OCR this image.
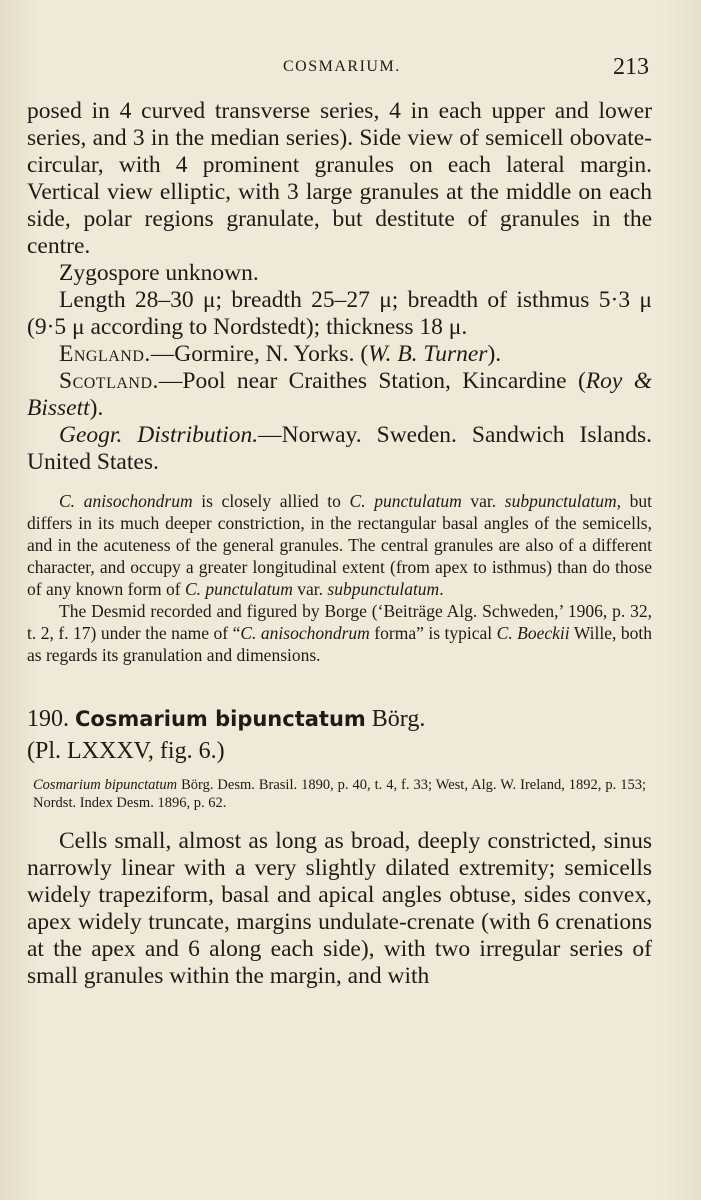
COSMARIUM.	213

posed in 4 curved transverse series, 4 in each upper and lower series, and 3 in the median series). Side view of semicell obovate-circular, with 4 prominent granules on each lateral margin. Vertical view elliptic, with 3 large granules at the middle on each side, polar regions granulate, but destitute of granules in the centre.

Zygospore unknown.

Length 28–30 μ; breadth 25–27 μ; breadth of isthmus 5·3 μ (9·5 μ according to Nordstedt); thickness 18 μ.

England.—Gormire, N. Yorks. (W. B. Turner).

Scotland.—Pool near Craithes Station, Kincardine (Roy & Bissett).

Geogr. Distribution.—Norway. Sweden. Sandwich Islands. United States.

C. anisochondrum is closely allied to C. punctulatum var. subpunctulatum, but differs in its much deeper constriction, in the rectangular basal angles of the semicells, and in the acuteness of the general granules. The central granules are also of a different character, and occupy a greater longitudinal extent (from apex to isthmus) than do those of any known form of C. punctulatum var. subpunctulatum.

The Desmid recorded and figured by Borge (‘Beiträge Alg. Schweden,’ 1906, p. 32, t. 2, f. 17) under the name of “C. anisochondrum forma” is typical C. Boeckii Wille, both as regards its granulation and dimensions.

190. Cosmarium bipunctatum Börg.

(Pl. LXXXV, fig. 6.)

Cosmarium bipunctatum Börg. Desm. Brasil. 1890, p. 40, t. 4, f. 33; West, Alg. W. Ireland, 1892, p. 153; Nordst. Index Desm. 1896, p. 62.

Cells small, almost as long as broad, deeply constricted, sinus narrowly linear with a very slightly dilated extremity; semicells widely trapeziform, basal and apical angles obtuse, sides convex, apex widely truncate, margins undulate-crenate (with 6 crenations at the apex and 6 along each side), with two irregular series of small granules within the margin, and with
